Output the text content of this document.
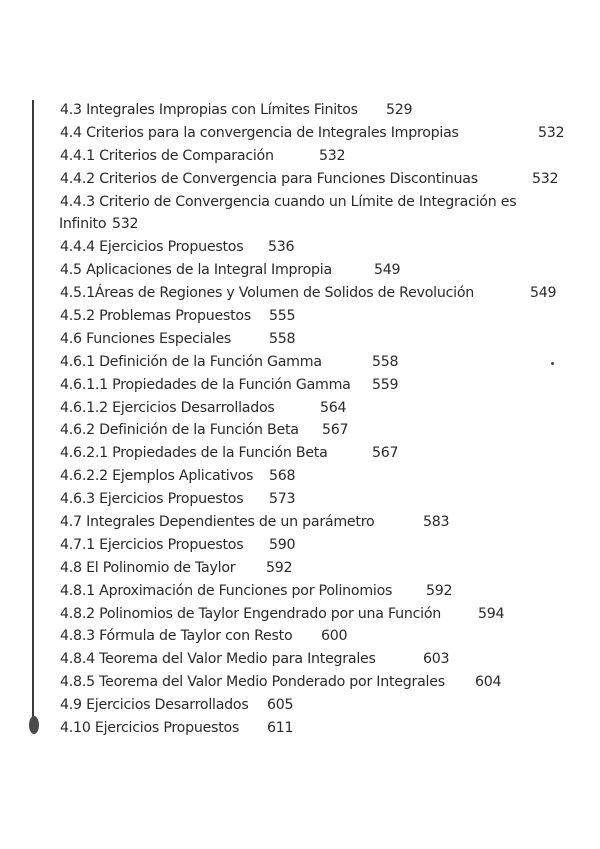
4.3 Integrales Impropias con Límites Finitos 529
4.4 Criterios para la convergencia de Integrales Impropias	532
4.4.1 Criterios de Comparación	532
4.4.2 Criterios de Convergencia para Funciones Discontinuas	532
4.4.3 Criterio de Convergencia cuando un Límite de Integración es
Infinito 532
4.4.4 Ejercicios Propuestos 536
4.5 Aplicaciones de la Integral Impropia	549
4.5.1Áreas de Regiones y Volumen de Solidos de Revolución	549
4.5.2 Problemas Propuestos 555
4.6 Funciones Especiales	558
4.6.1 Definición de la Función Gamma	558
4.6.1.1 Propiedades de la Función Gamma 559
4.6.1.2 Ejercicios Desarrollados	564
4.6.2 Definición de la Función Beta 567
4.6.2.1 Propiedades de la Función Beta	567
4.6.2.2 Ejemplos Aplicativos 568
4.6.3 Ejercicios Propuestos 573
4.7 Integrales Dependientes de un parámetro	583
4.7.1 Ejercicios Propuestos 590
4.8 El Polinomio de Taylor 592
4.8.1 Aproximación de Funciones por Polinomios 592
4.8.2 Polinomios de Taylor Engendrado por una Función	594
4.8.3 Fórmula de Taylor con Resto 600
4.8.4 Teorema del Valor Medio para Integrales	603
4.8.5 Teorema del Valor Medio Ponderado por Integrales 604
4.9 Ejercicios Desarrollados 605
4.10 Ejercicios Propuestos 611
